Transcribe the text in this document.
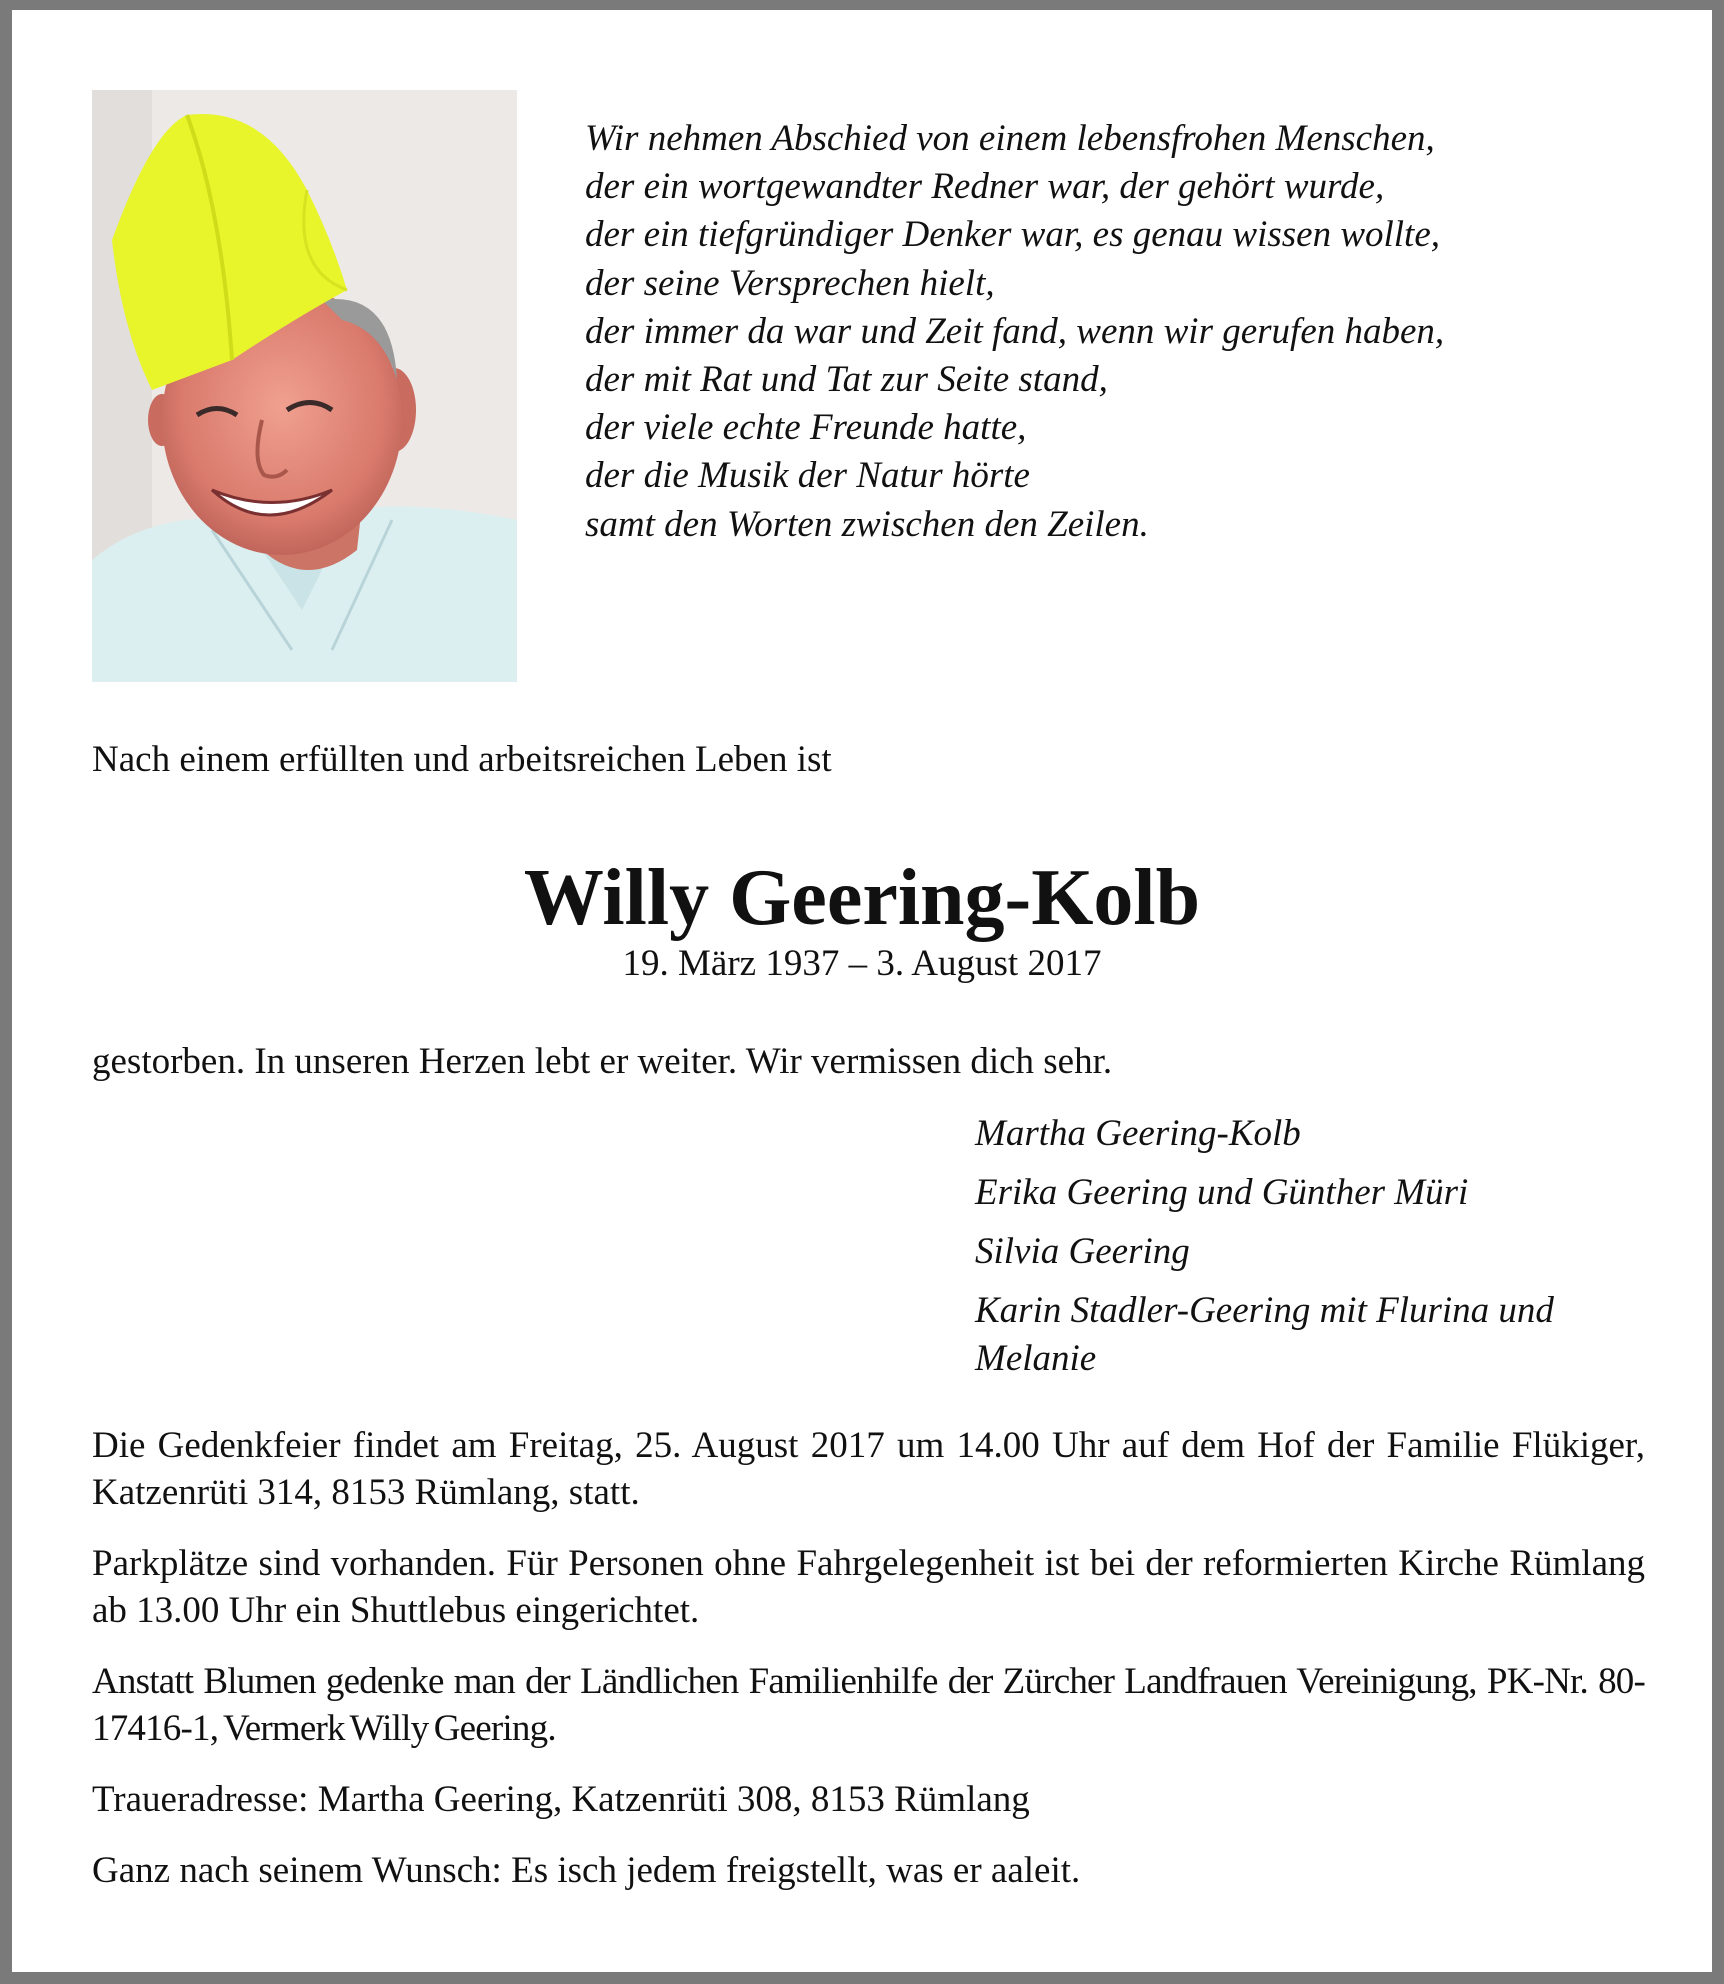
Wir nehmen Abschied von einem lebensfrohen Menschen,
der ein wortgewandter Redner war, der gehört wurde,
der ein tiefgründiger Denker war, es genau wissen wollte,
der seine Versprechen hielt,
der immer da war und Zeit fand, wenn wir gerufen haben,
der mit Rat und Tat zur Seite stand,
der viele echte Freunde hatte,
der die Musik der Natur hörte
samt den Worten zwischen den Zeilen.
Nach einem erfüllten und arbeitsreichen Leben ist
Willy Geering-Kolb
19. März 1937 – 3. August 2017
gestorben. In unseren Herzen lebt er weiter. Wir vermissen dich sehr.
Martha Geering-Kolb
Erika Geering und Günther Müri
Silvia Geering
Karin Stadler-Geering mit Flurina und Melanie

Die Gedenkfeier findet am Freitag, 25. August 2017 um 14.00 Uhr auf dem Hof der Familie Flükiger, Katzenrüti 314, 8153 Rümlang, statt.

Parkplätze sind vorhanden. Für Personen ohne Fahrgelegenheit ist bei der reformierten Kirche Rümlang ab 13.00 Uhr ein Shuttlebus eingerichtet.

Anstatt Blumen gedenke man der Ländlichen Familienhilfe der Zürcher Landfrauen Vereinigung, PK-Nr. 80-17416-1, Vermerk Willy Geering.

Traueradresse: Martha Geering, Katzenrüti 308, 8153 Rümlang

Ganz nach seinem Wunsch: Es isch jedem freigstellt, was er aaleit.
